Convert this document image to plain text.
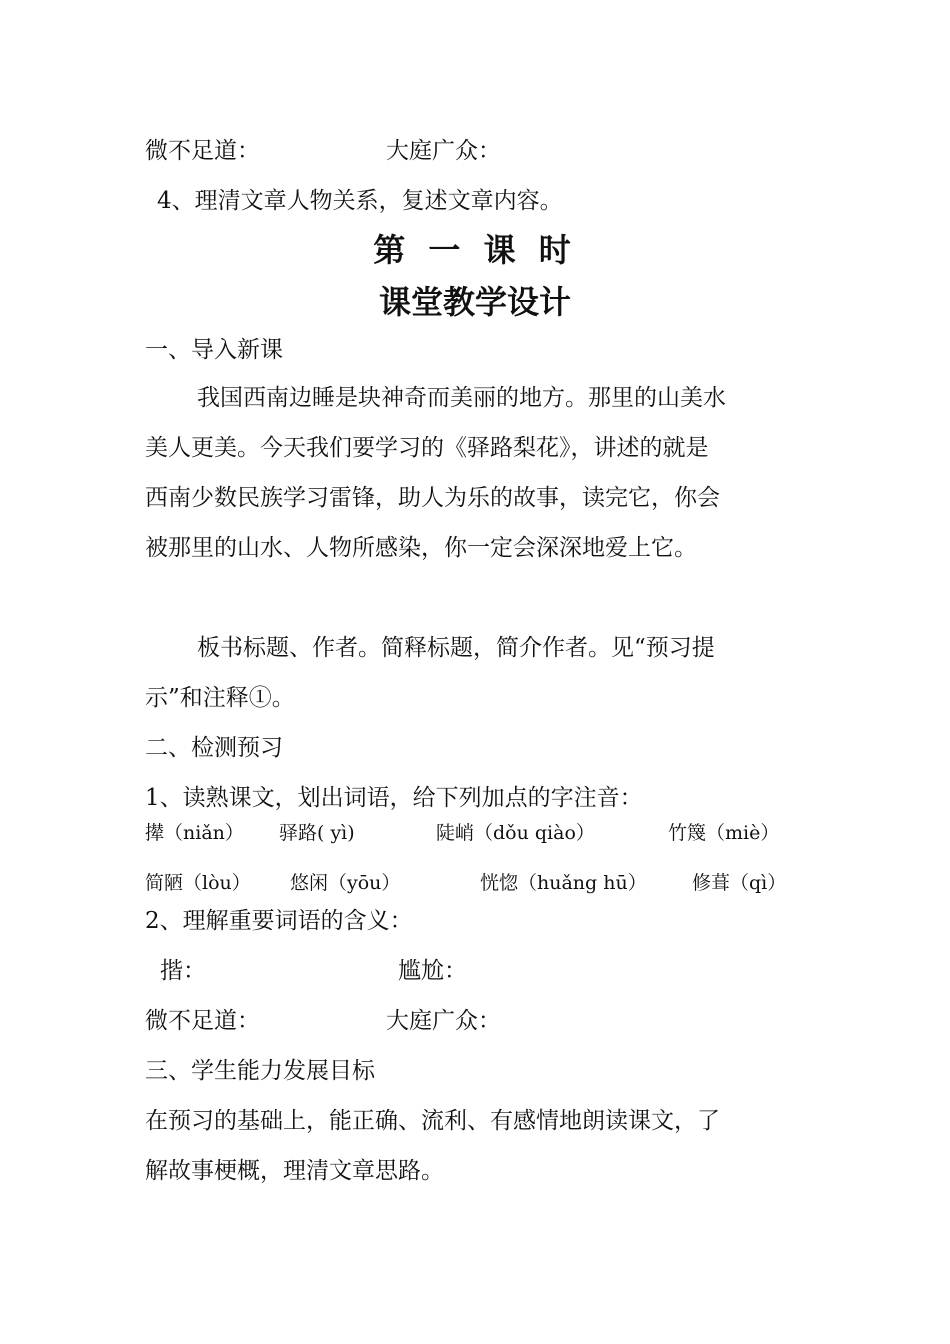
微不足道：	大庭广众：
4、理清文章人物关系，复述文章内容。
第 一 课 时
课堂教学设计
一、导入新课
我国西南边睡是块神奇而美丽的地方。那里的山美水
美人更美。今天我们要学习的《驿路梨花》，讲述的就是
西南少数民族学习雷锋，助人为乐的故事，读完它，你会
被那里的山水、人物所感染，你一定会深深地爱上它。
板书标题、作者。简释标题，简介作者。见“预习提
示”和注释①。
二、检测预习
1、读熟课文，划出词语，给下列加点的字注音：
撵（niǎn） 驿路( yì)	陡峭（dǒu qiào）	竹篾（miè）
简陋（lòu） 悠闲（yōu）	恍惚（huǎng hū） 修葺（qì）
2、理解重要词语的含义：
揩：	尴尬：
微不足道：	大庭广众：
三、学生能力发展目标
在预习的基础上，能正确、流利、有感情地朗读课文，了
解故事梗概，理清文章思路。
